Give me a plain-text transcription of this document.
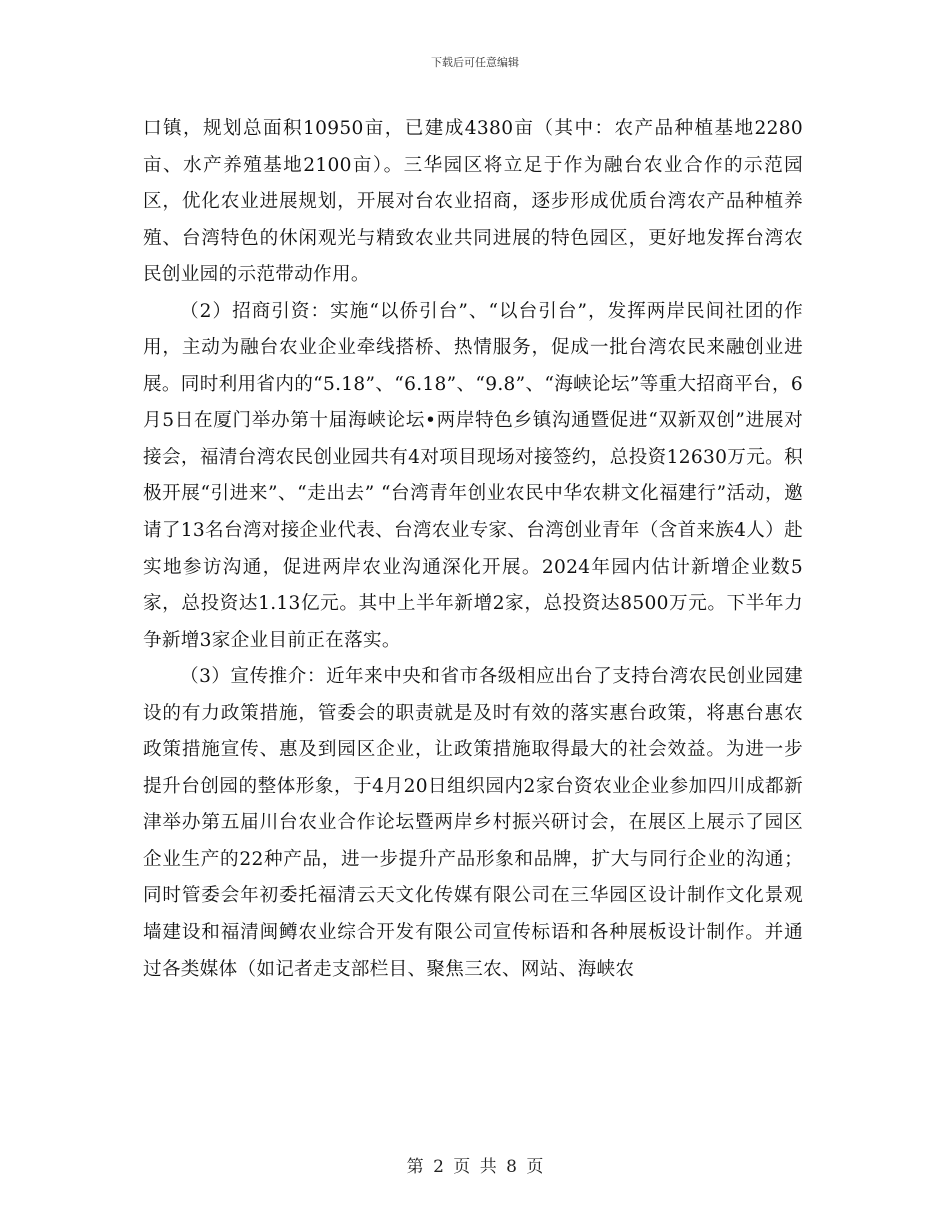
下载后可任意编辑

口镇，规划总面积10950亩，已建成4380亩（其中：农产品种植基地2280亩、水产养殖基地2100亩）。三华园区将立足于作为融台农业合作的示范园区，优化农业进展规划，开展对台农业招商，逐步形成优质台湾农产品种植养殖、台湾特色的休闲观光与精致农业共同进展的特色园区，更好地发挥台湾农民创业园的示范带动作用。

（2）招商引资：实施“以侨引台”、“以台引台”，发挥两岸民间社团的作用，主动为融台农业企业牵线搭桥、热情服务，促成一批台湾农民来融创业进展。同时利用省内的“5.18”、“6.18”、“9.8”、“海峡论坛”等重大招商平台，6月5日在厦门举办第十届海峡论坛•两岸特色乡镇沟通暨促进“双新双创”进展对接会，福清台湾农民创业园共有4对项目现场对接签约，总投资12630万元。积极开展“引进来”、“走出去” “台湾青年创业农民中华农耕文化福建行”活动，邀请了13名台湾对接企业代表、台湾农业专家、台湾创业青年（含首来族4人）赴实地参访沟通，促进两岸农业沟通深化开展。2024年园内估计新增企业数5家，总投资达1.13亿元。其中上半年新增2家，总投资达8500万元。下半年力争新增3家企业目前正在落实。

（3）宣传推介：近年来中央和省市各级相应出台了支持台湾农民创业园建设的有力政策措施，管委会的职责就是及时有效的落实惠台政策，将惠台惠农政策措施宣传、惠及到园区企业，让政策措施取得最大的社会效益。为进一步提升台创园的整体形象，于4月20日组织园内2家台资农业企业参加四川成都新津举办第五届川台农业合作论坛暨两岸乡村振兴研讨会，在展区上展示了园区企业生产的22种产品，进一步提升产品形象和品牌，扩大与同行企业的沟通；同时管委会年初委托福清云天文化传媒有限公司在三华园区设计制作文化景观墙建设和福清闽鳟农业综合开发有限公司宣传标语和各种展板设计制作。并通过各类媒体（如记者走支部栏目、聚焦三农、网站、海峡农

第 2 页 共 8 页
